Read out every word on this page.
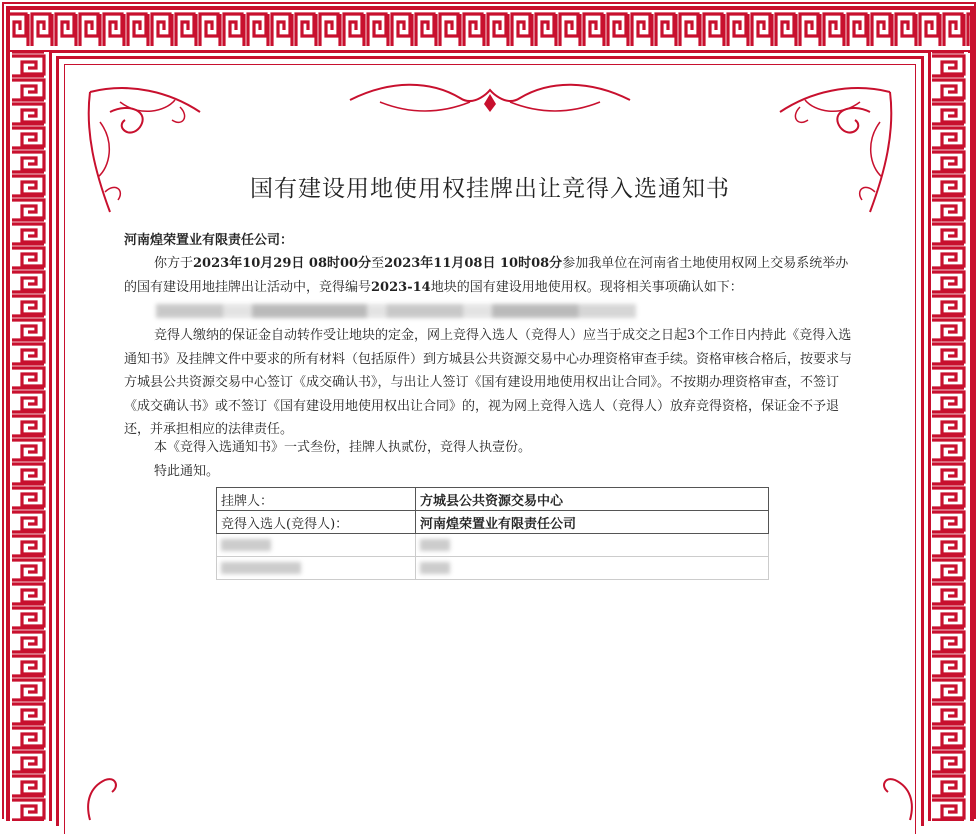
国有建设用地使用权挂牌出让竞得入选通知书
河南煌荣置业有限责任公司：
你方于2023年10月29日 08时00分至2023年11月08日 10时08分参加我单位在河南省土地使用权网上交易系统举办的国有建设用地挂牌出让活动中，竞得编号2023-14地块的国有建设用地使用权。现将相关事项确认如下：

竞得人缴纳的保证金自动转作受让地块的定金，网上竞得入选人（竞得人）应当于成交之日起3个工作日内持此《竞得入选通知书》及挂牌文件中要求的所有材料（包括原件）到方城县公共资源交易中心办理资格审查手续。资格审核合格后，按要求与方城县公共资源交易中心签订《成交确认书》，与出让人签订《国有建设用地使用权出让合同》。不按期办理资格审查，不签订《成交确认书》或不签订《国有建设用地使用权出让合同》的，视为网上竞得入选人（竞得人）放弃竞得资格，保证金不予退还，并承担相应的法律责任。
本《竞得入选通知书》一式叁份，挂牌人执贰份，竞得人执壹份。
特此通知。
挂牌人：	方城县公共资源交易中心
竞得入选人(竞得人)：	河南煌荣置业有限责任公司
